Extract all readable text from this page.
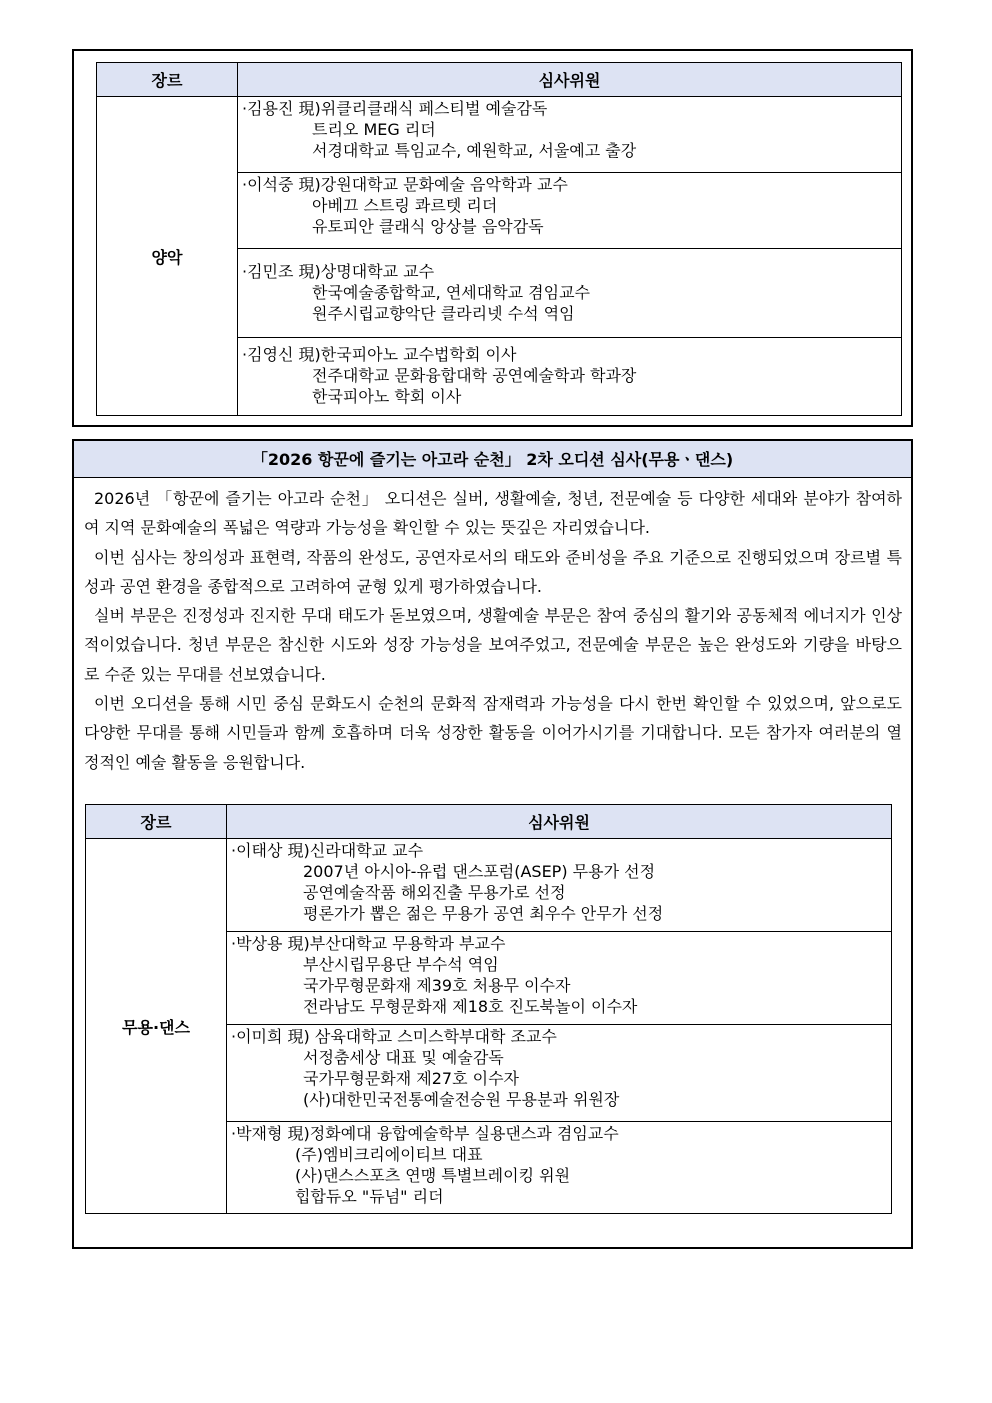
장르	심사위원
양악	·김용진 現)위클리클래식 페스티벌 예술감독
트리오 MEG 리더
서경대학교 특임교수, 예원학교, 서울예고 출강

	·이석중 現)강원대학교 문화예술 음악학과 교수
아베끄 스트링 콰르텟 리더
유토피안 클래식 앙상블 음악감독

	·김민조 現)상명대학교 교수
한국예술종합학교, 연세대학교 겸임교수
원주시립교향악단 클라리넷 수석 역임

	·김영신 現)한국피아노 교수법학회 이사
전주대학교 문화융합대학 공연예술학과 학과장
한국피아노 학회 이사
「2026 항꾼에 즐기는 아고라 순천」 2차 오디션 심사(무용ㆍ댄스)

2026년 「항꾼에 즐기는 아고라 순천」 오디션은 실버, 생활예술, 청년, 전문예술 등 다양한 세대와 분야가 참여하여 지역 문화예술의 폭넓은 역량과 가능성을 확인할 수 있는 뜻깊은 자리였습니다.

이번 심사는 창의성과 표현력, 작품의 완성도, 공연자로서의 태도와 준비성을 주요 기준으로 진행되었으며 장르별 특성과 공연 환경을 종합적으로 고려하여 균형 있게 평가하였습니다.

실버 부문은 진정성과 진지한 무대 태도가 돋보였으며, 생활예술 부문은 참여 중심의 활기와 공동체적 에너지가 인상적이었습니다. 청년 부문은 참신한 시도와 성장 가능성을 보여주었고, 전문예술 부문은 높은 완성도와 기량을 바탕으로 수준 있는 무대를 선보였습니다.

이번 오디션을 통해 시민 중심 문화도시 순천의 문화적 잠재력과 가능성을 다시 한번 확인할 수 있었으며, 앞으로도 다양한 무대를 통해 시민들과 함께 호흡하며 더욱 성장한 활동을 이어가시기를 기대합니다. 모든 참가자 여러분의 열정적인 예술 활동을 응원합니다.

장르	심사위원
무용·댄스	·이태상 現)신라대학교 교수
2007년 아시아-유럽 댄스포럼(ASEP) 무용가 선정
공연예술작품 해외진출 무용가로 선정
평론가가 뽑은 젊은 무용가 공연 최우수 안무가 선정

	·박상용 現)부산대학교 무용학과 부교수
부산시립무용단 부수석 역임
국가무형문화재 제39호 처용무 이수자
전라남도 무형문화재 제18호 진도북놀이 이수자

	·이미희 現) 삼육대학교 스미스학부대학 조교수
서정춤세상 대표 및 예술감독
국가무형문화재 제27호 이수자
(사)대한민국전통예술전승원 무용분과 위원장

	·박재형 現)정화예대 융합예술학부 실용댄스과 겸임교수
(주)엠비크리에이티브 대표
(사)댄스스포츠 연맹 특별브레이킹 위원
힙합듀오 "듀넘" 리더
